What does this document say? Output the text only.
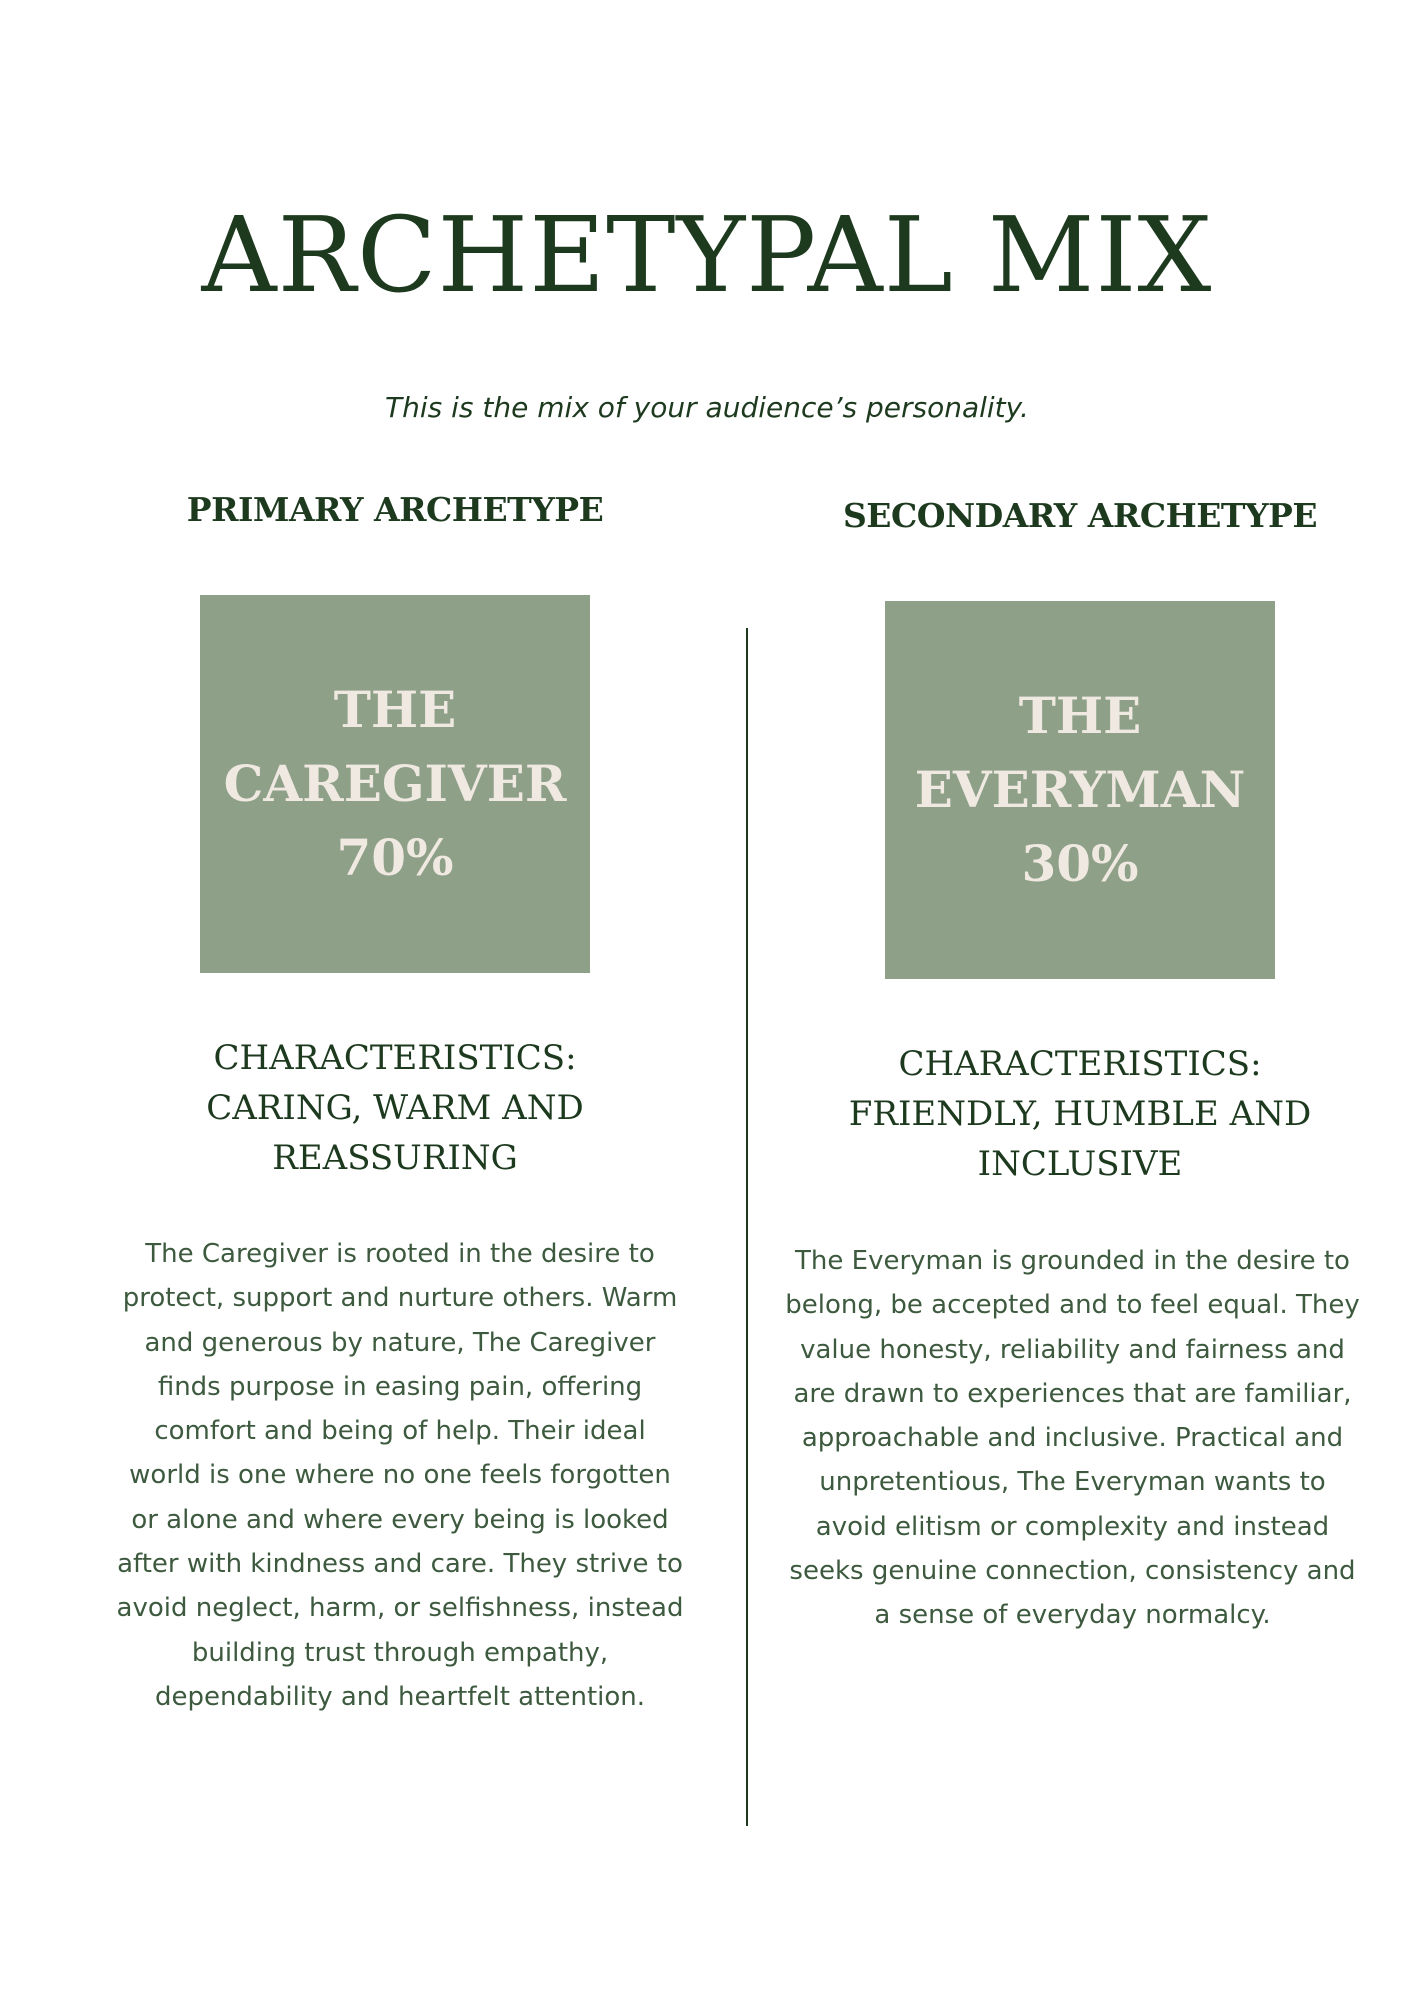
ARCHETYPAL MIX
This is the mix of your audience’s personality.
PRIMARY ARCHETYPE
THE
CAREGIVER
70%
CHARACTERISTICS:
CARING, WARM AND
REASSURING
The Caregiver is rooted in the desire to protect, support and nurture others. Warm and generous by nature, The Caregiver finds purpose in easing pain, offering comfort and being of help. Their ideal world is one where no one feels forgotten or alone and where every being is looked after with kindness and care. They strive to avoid neglect, harm, or selfishness, instead building trust through empathy, dependability and heartfelt attention.
SECONDARY ARCHETYPE
THE
EVERYMAN
30%
CHARACTERISTICS:
FRIENDLY, HUMBLE AND
INCLUSIVE
The Everyman is grounded in the desire to belong, be accepted and to feel equal. They value honesty, reliability and fairness and are drawn to experiences that are familiar, approachable and inclusive. Practical and unpretentious, The Everyman wants to avoid elitism or complexity and instead seeks genuine connection, consistency and a sense of everyday normalcy.
